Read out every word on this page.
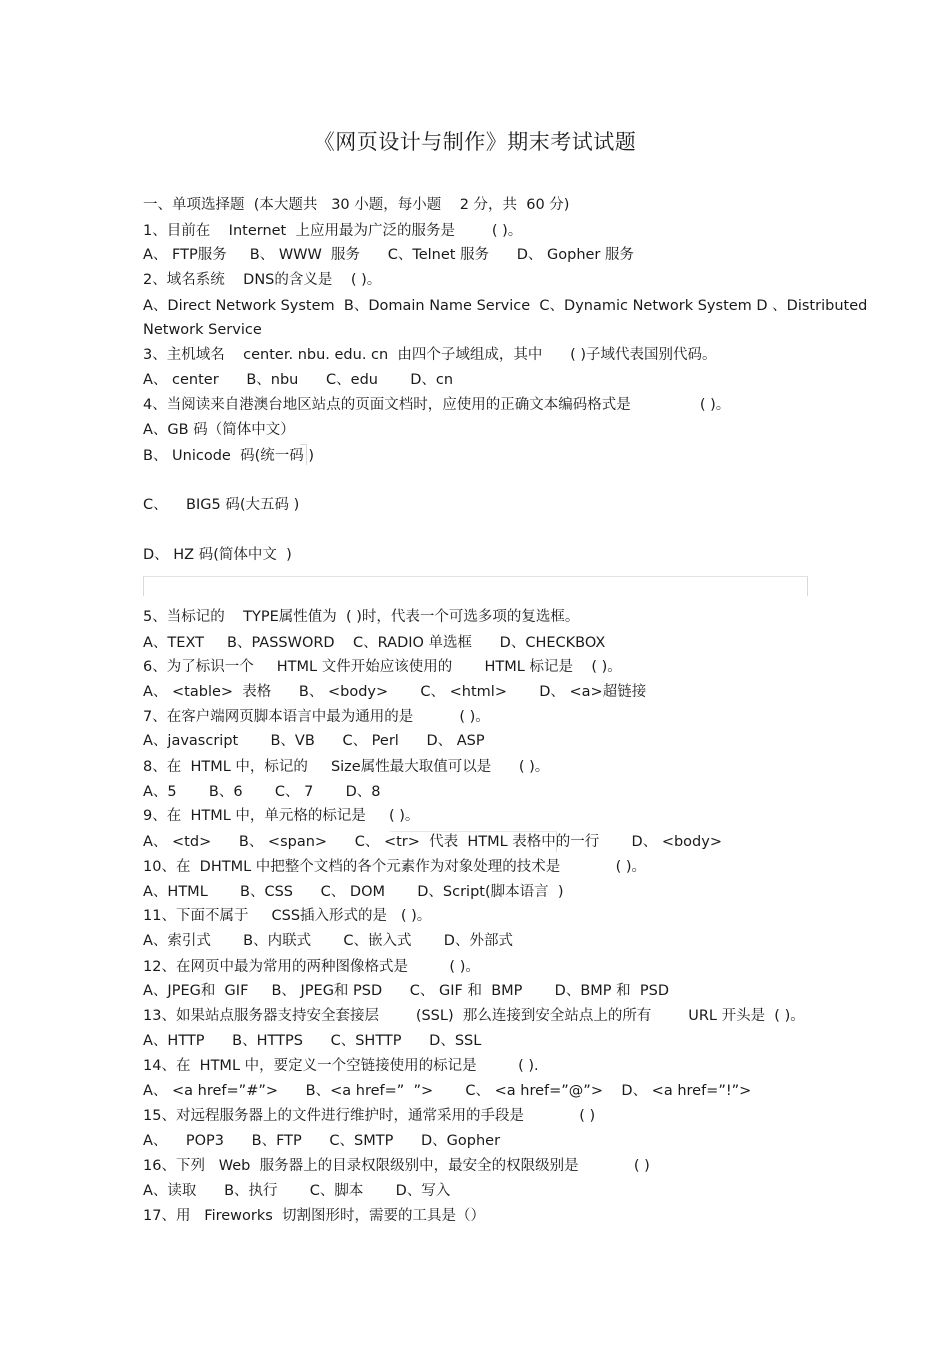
《网页设计与制作》期末考试试题
一、单项选择题  (本大题共   30 小题，每小题    2 分，共  60 分)
1、目前在    Internet  上应用最为广泛的服务是        ( )。
A、 FTP服务     B、 WWW  服务      C、Telnet 服务      D、 Gopher 服务
2、域名系统    DNS的含义是    ( )。
A、Direct Network System  B、Domain Name Service  C、Dynamic Network System D 、Distributed
Network Service
3、主机域名    center. nbu. edu. cn  由四个子域组成，其中      ( )子域代表国别代码。
A、 center      B、nbu      C、edu       D、cn
4、当阅读来自港澳台地区站点的页面文档时，应使用的正确文本编码格式是               ( )。
A、GB 码（简体中文）
B、 Unicode  码(统一码 )
C、    BIG5 码(大五码 )
D、 HZ 码(简体中文  )
5、当标记的    TYPE属性值为  ( )时，代表一个可选多项的复选框。
A、TEXT     B、PASSWORD    C、RADIO 单选框      D、CHECKBOX
6、为了标识一个     HTML 文件开始应该使用的       HTML 标记是    ( )。
A、 <table>  表格      B、 <body>       C、 <html>       D、 <a>超链接
7、在客户端网页脚本语言中最为通用的是          ( )。
A、javascript       B、VB      C、 Perl      D、 ASP
8、在  HTML 中，标记的     Size属性最大取值可以是      ( )。
A、5       B、6       C、 7       D、8
9、在  HTML 中，单元格的标记是     ( )。
A、 <td>      B、 <span>      C、 <tr>  代表  HTML 表格中的一行       D、 <body>
10、在  DHTML 中把整个文档的各个元素作为对象处理的技术是            ( )。
A、HTML       B、CSS      C、 DOM       D、Script(脚本语言  )
11、下面不属于     CSS插入形式的是   ( )。
A、索引式       B、内联式       C、嵌入式       D、外部式
12、在网页中最为常用的两种图像格式是         ( )。
A、JPEG和  GIF     B、 JPEG和 PSD      C、 GIF 和  BMP       D、BMP 和  PSD
13、如果站点服务器支持安全套接层        (SSL)  那么连接到安全站点上的所有        URL 开头是  ( )。
A、HTTP      B、HTTPS      C、SHTTP      D、SSL
14、在  HTML 中，要定义一个空链接使用的标记是         ( ).
A、 <a href=”#”>      B、<a href=”  ”>       C、 <a href=”@”>    D、 <a href=”!”>
15、对远程服务器上的文件进行维护时，通常采用的手段是            ( )
A、    POP3      B、FTP      C、SMTP      D、Gopher
16、下列   Web  服务器上的目录权限级别中，最安全的权限级别是            ( )
A、读取      B、执行       C、脚本       D、写入
17、用   Fireworks  切割图形时，需要的工具是（）
